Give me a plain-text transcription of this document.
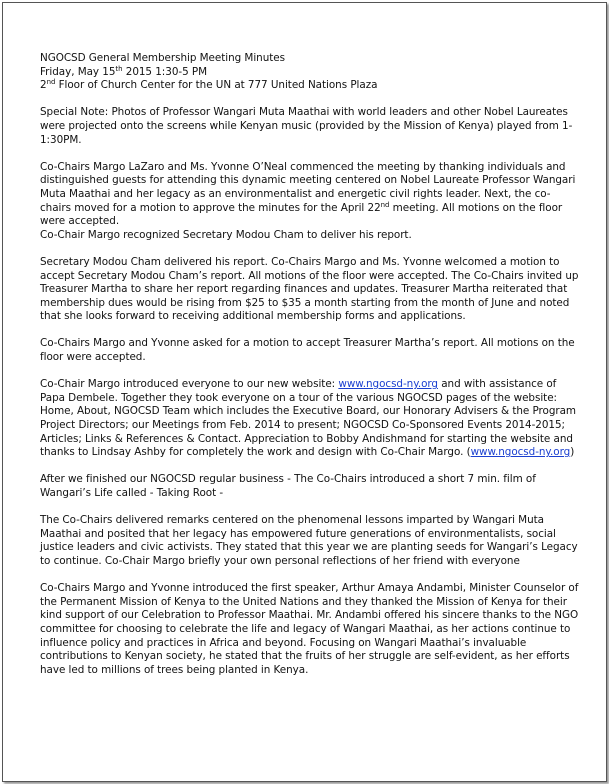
NGOCSD General Membership Meeting Minutes
Friday, May 15th 2015 1:30-5 PM
2nd Floor of Church Center for the UN at 777 United Nations Plaza

Special Note: Photos of Professor Wangari Muta Maathai with world leaders and other Nobel Laureates were projected onto the screens while Kenyan music (provided by the Mission of Kenya) played from 1-1:30PM.

Co-Chairs Margo LaZaro and Ms. Yvonne O’Neal commenced the meeting by thanking individuals and distinguished guests for attending this dynamic meeting centered on Nobel Laureate Professor Wangari Muta Maathai and her legacy as an environmentalist and energetic civil rights leader. Next, the co-chairs moved for a motion to approve the minutes for the April 22nd meeting. All motions on the floor were accepted.
Co-Chair Margo recognized Secretary Modou Cham to deliver his report.

Secretary Modou Cham delivered his report. Co-Chairs Margo and Ms. Yvonne welcomed a motion to accept Secretary Modou Cham’s report. All motions of the floor were accepted. The Co-Chairs invited up Treasurer Martha to share her report regarding finances and updates. Treasurer Martha reiterated that membership dues would be rising from $25 to $35 a month starting from the month of June and noted that she looks forward to receiving additional membership forms and applications.

Co-Chairs Margo and Yvonne asked for a motion to accept Treasurer Martha’s report. All motions on the floor were accepted.

Co-Chair Margo introduced everyone to our new website: www.ngocsd-ny.org and with assistance of Papa Dembele. Together they took everyone on a tour of the various NGOCSD pages of the website: Home, About, NGOCSD Team which includes the Executive Board, our Honorary Advisers & the Program Project Directors; our Meetings from Feb. 2014 to present; NGOCSD Co-Sponsored Events 2014-2015; Articles; Links & References & Contact. Appreciation to Bobby Andishmand for starting the website and thanks to Lindsay Ashby for completely the work and design with Co-Chair Margo. (www.ngocsd-ny.org)

After we finished our NGOCSD regular business - The Co-Chairs introduced a short 7 min. film of Wangari’s Life called - Taking Root -

The Co-Chairs delivered remarks centered on the phenomenal lessons imparted by Wangari Muta Maathai and posited that her legacy has empowered future generations of environmentalists, social justice leaders and civic activists. They stated that this year we are planting seeds for Wangari’s Legacy to continue. Co-Chair Margo briefly your own personal reflections of her friend with everyone

Co-Chairs Margo and Yvonne introduced the first speaker, Arthur Amaya Andambi, Minister Counselor of the Permanent Mission of Kenya to the United Nations and they thanked the Mission of Kenya for their kind support of our Celebration to Professor Maathai. Mr. Andambi offered his sincere thanks to the NGO committee for choosing to celebrate the life and legacy of Wangari Maathai, as her actions continue to influence policy and practices in Africa and beyond. Focusing on Wangari Maathai’s invaluable contributions to Kenyan society, he stated that the fruits of her struggle are self-evident, as her efforts have led to millions of trees being planted in Kenya.
